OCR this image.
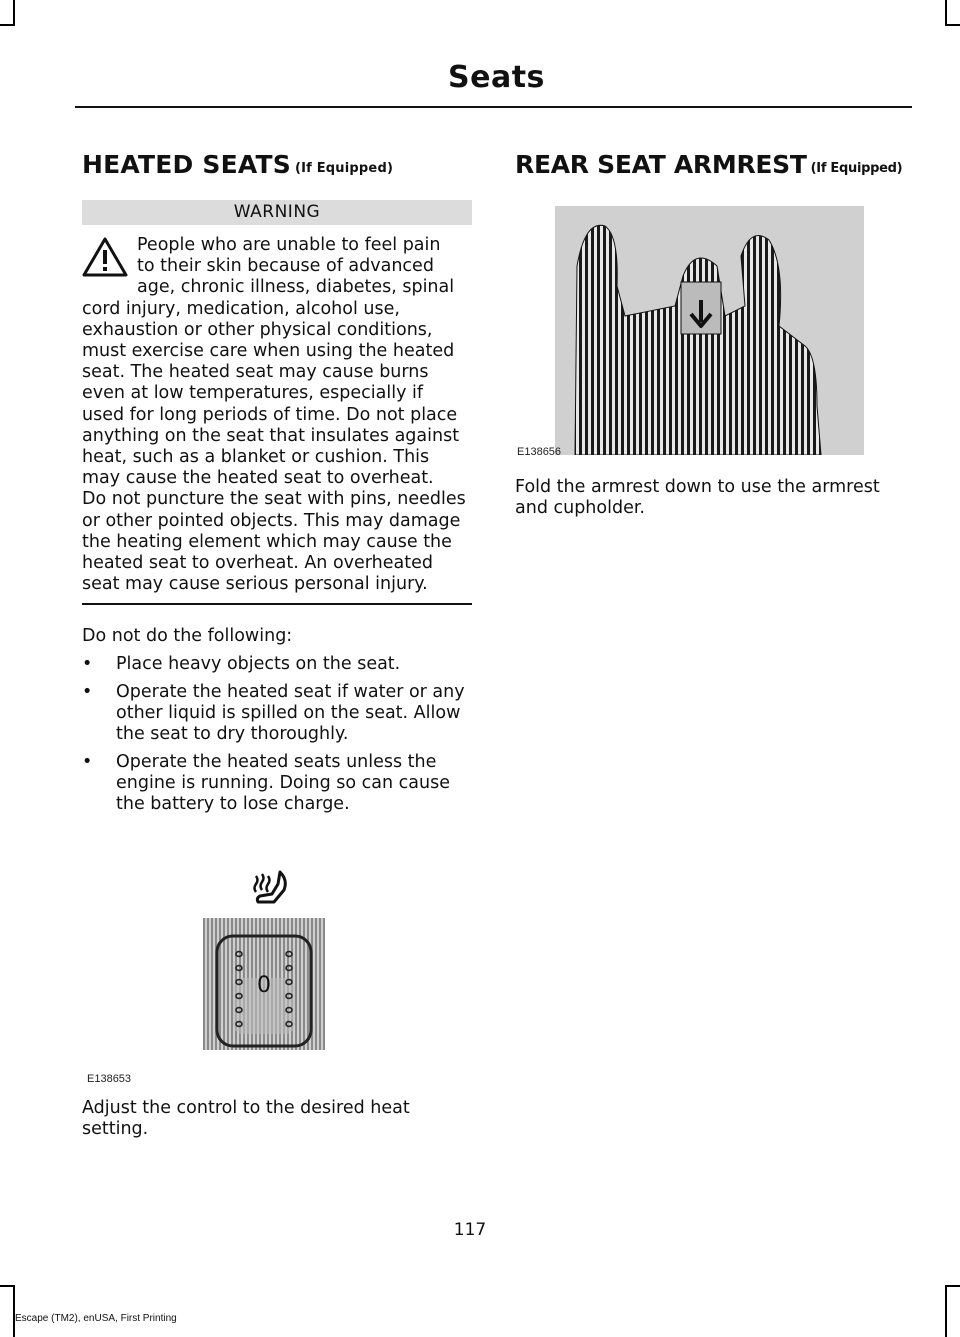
Seats
HEATED SEATS (If Equipped)
WARNING
People who are unable to feel pain
to their skin because of advanced
age, chronic illness, diabetes, spinal
cord injury, medication, alcohol use,
exhaustion or other physical conditions,
must exercise care when using the heated
seat. The heated seat may cause burns
even at low temperatures, especially if
used for long periods of time. Do not place
anything on the seat that insulates against
heat, such as a blanket or cushion. This
may cause the heated seat to overheat.
Do not puncture the seat with pins, needles
or other pointed objects. This may damage
the heating element which may cause the
heated seat to overheat. An overheated
seat may cause serious personal injury.
Do not do the following:
•	Place heavy objects on the seat.
•	Operate the heated seat if water or any
other liquid is spilled on the seat. Allow
the seat to dry thoroughly.
•	Operate the heated seats unless the
engine is running. Doing so can cause
the battery to lose charge.
0
E138653
Adjust the control to the desired heat
setting.
REAR SEAT ARMREST (If Equipped)
E138656
Fold the armrest down to use the armrest
and cupholder.
117
Escape (TM2), enUSA, First Printing
